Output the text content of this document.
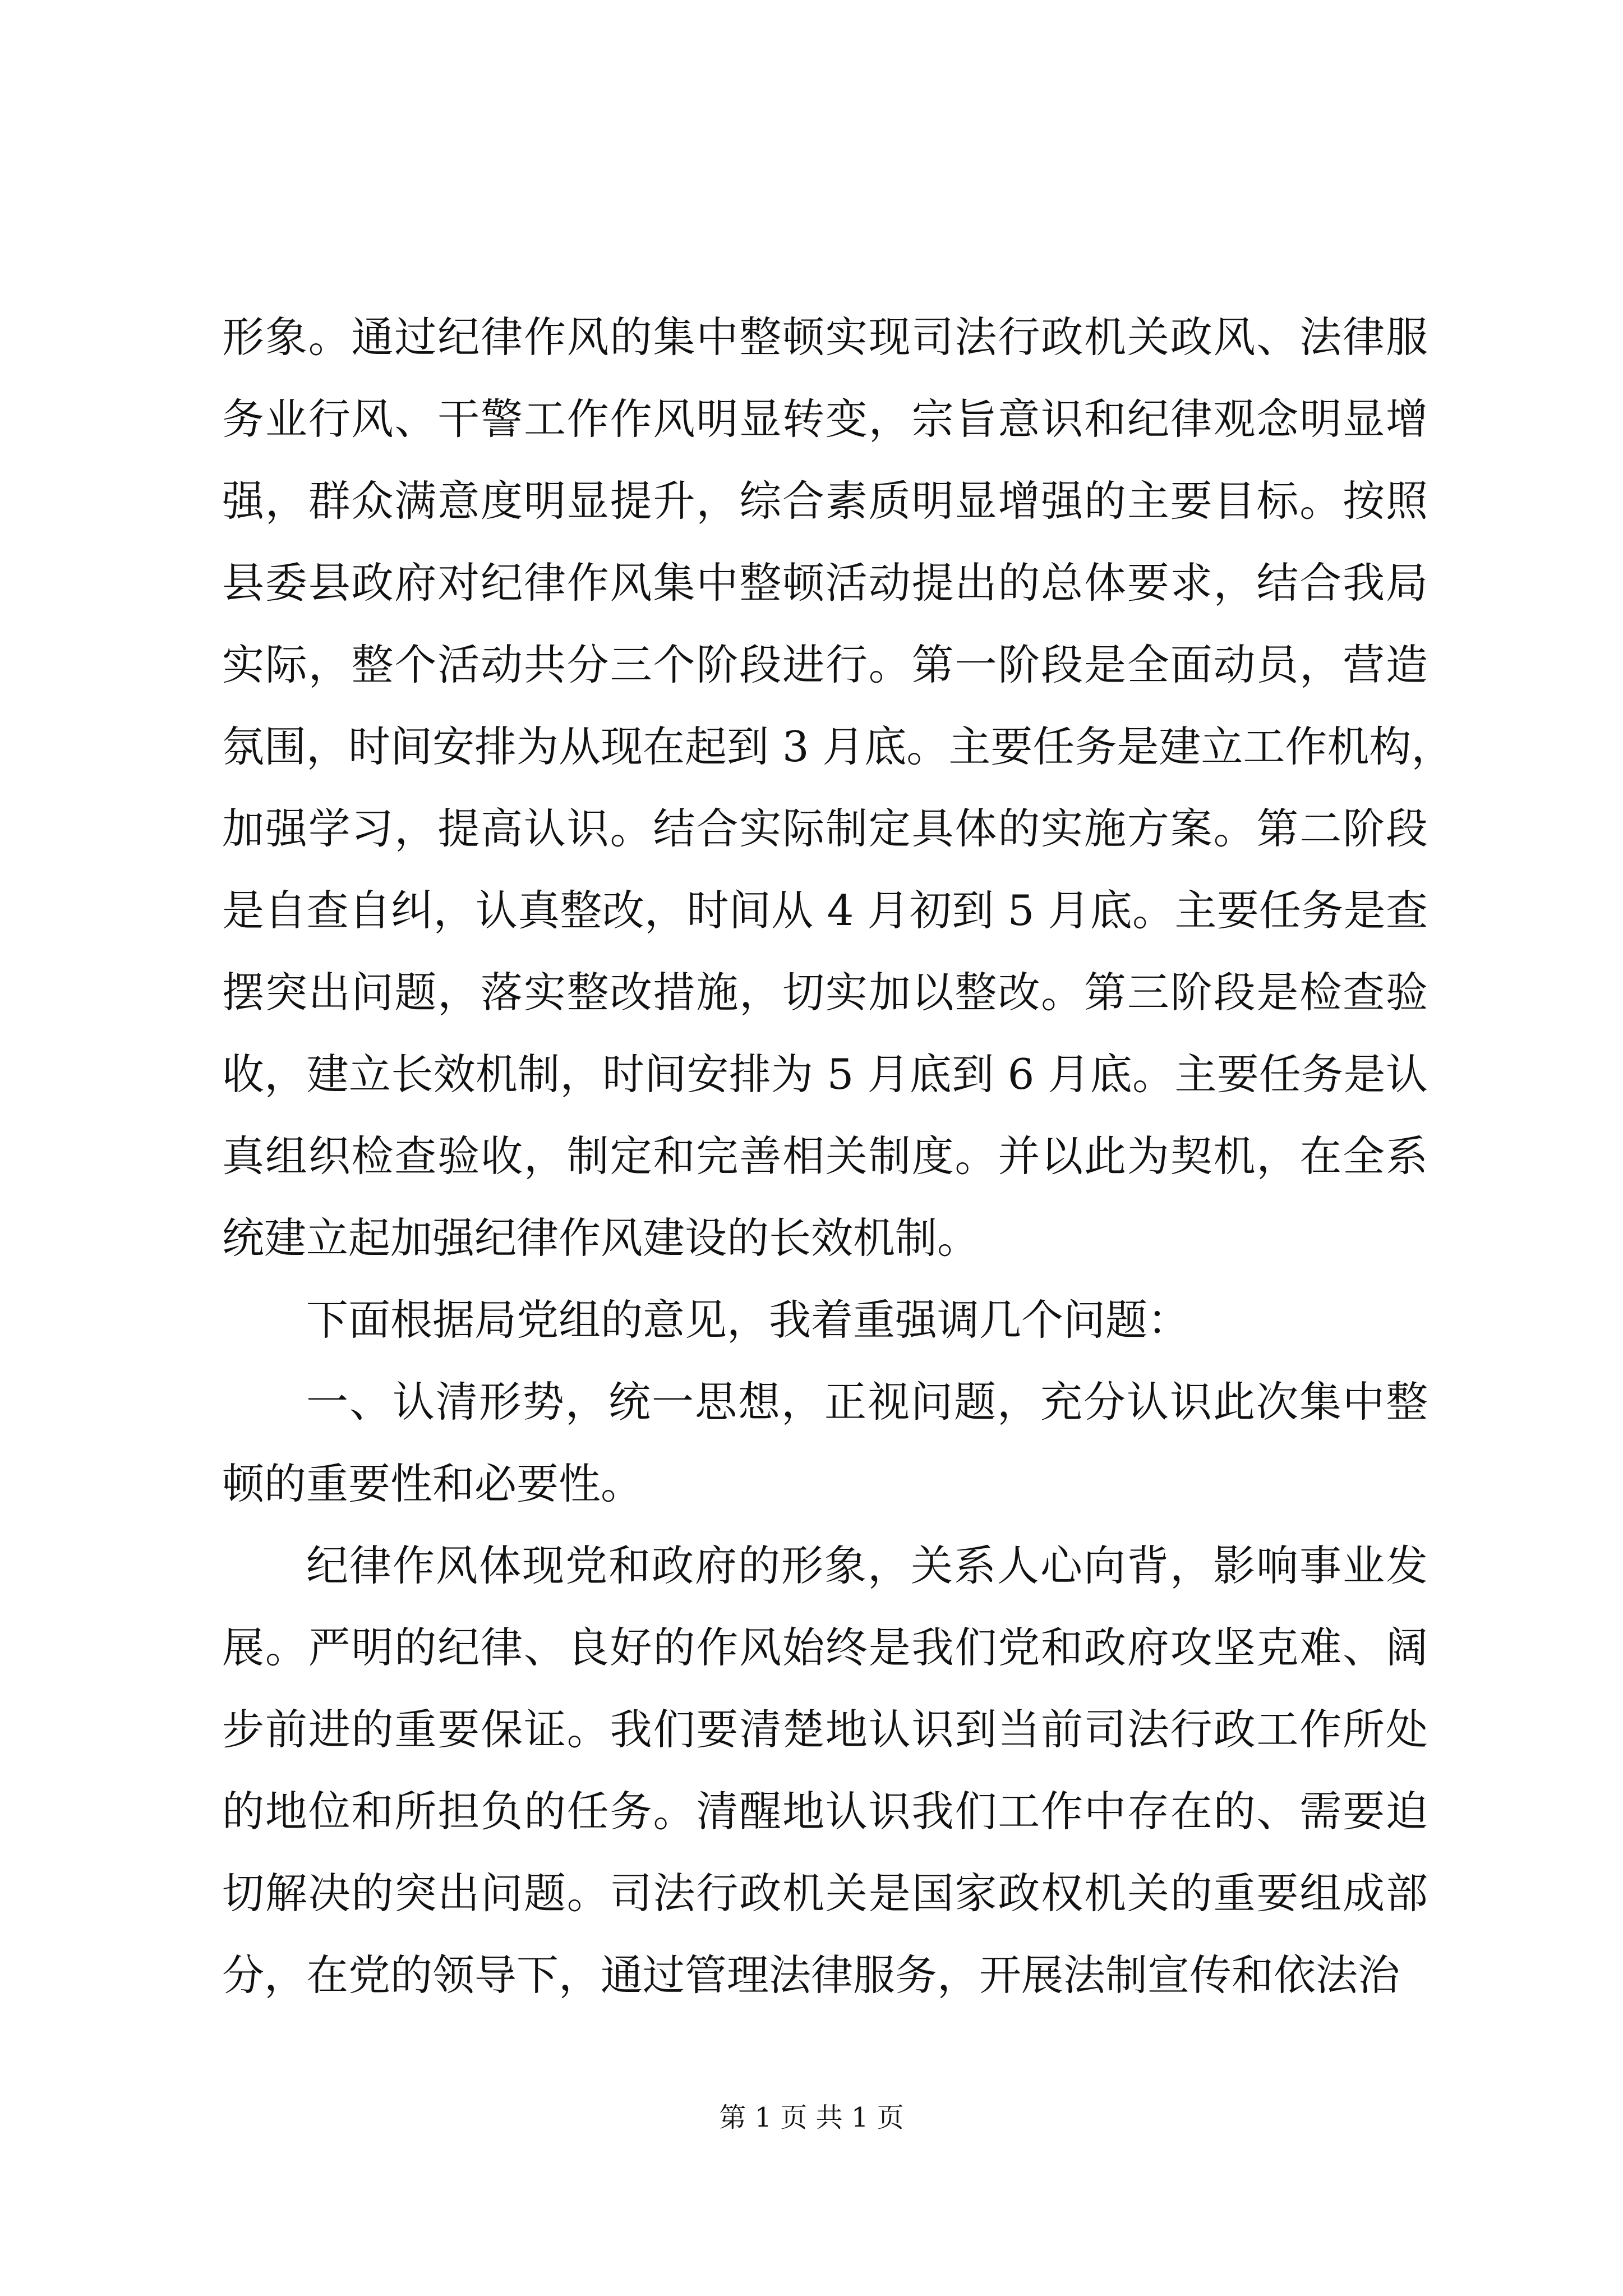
形象。通过纪律作风的集中整顿实现司法行政机关政风、法律服
务业行风、干警工作作风明显转变，宗旨意识和纪律观念明显增
强，群众满意度明显提升，综合素质明显增强的主要目标。按照
县委县政府对纪律作风集中整顿活动提出的总体要求，结合我局
实际，整个活动共分三个阶段进行。第一阶段是全面动员，营造
氛围，时间安排为从现在起到 3 月底。主要任务是建立工作机构，
加强学习，提高认识。结合实际制定具体的实施方案。第二阶段
是自查自纠，认真整改，时间从 4 月初到 5 月底。主要任务是查
摆突出问题，落实整改措施，切实加以整改。第三阶段是检查验
收，建立长效机制，时间安排为 5 月底到 6 月底。主要任务是认
真组织检查验收，制定和完善相关制度。并以此为契机，在全系
统建立起加强纪律作风建设的长效机制。
下面根据局党组的意见，我着重强调几个问题：
一、认清形势，统一思想，正视问题，充分认识此次集中整
顿的重要性和必要性。
纪律作风体现党和政府的形象，关系人心向背，影响事业发
展。严明的纪律、良好的作风始终是我们党和政府攻坚克难、阔
步前进的重要保证。我们要清楚地认识到当前司法行政工作所处
的地位和所担负的任务。清醒地认识我们工作中存在的、需要迫
切解决的突出问题。司法行政机关是国家政权机关的重要组成部
分，在党的领导下，通过管理法律服务，开展法制宣传和依法治
第 1 页 共 1 页
